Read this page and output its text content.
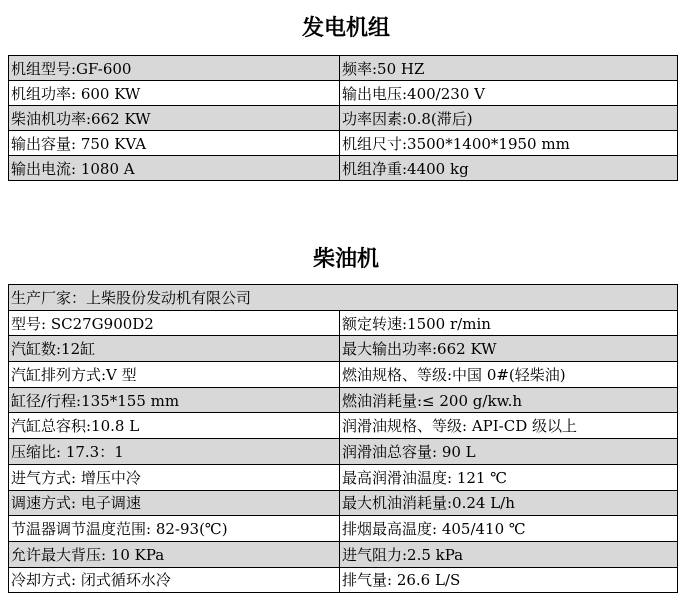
发电机组
机组型号:GF-600	频率:50 HZ
机组功率: 600 KW	输出电压:400/230 V
柴油机功率:662 KW	功率因素:0.8(滞后)
输出容量: 750 KVA	机组尺寸:3500*1400*1950 mm
输出电流: 1080 A	机组净重:4400 kg
柴油机
生产厂家：上柴股份发动机有限公司	
型号: SC27G900D2	额定转速:1500 r/min
汽缸数:12缸	最大输出功率:662 KW
汽缸排列方式:V 型	燃油规格、等级:中国 0#(轻柴油)
缸径/行程:135*155 mm	燃油消耗量:≤ 200 g/kw.h
汽缸总容积:10.8 L	润滑油规格、等级: API-CD 级以上
压缩比: 17.3：1	润滑油总容量: 90 L
进气方式: 增压中冷	最高润滑油温度: 121 ℃
调速方式: 电子调速	最大机油消耗量:0.24 L/h
节温器调节温度范围: 82-93(℃)	排烟最高温度: 405/410 ℃
允许最大背压: 10 KPa	进气阻力:2.5 kPa
冷却方式: 闭式循环水冷	排气量: 26.6 L/S
